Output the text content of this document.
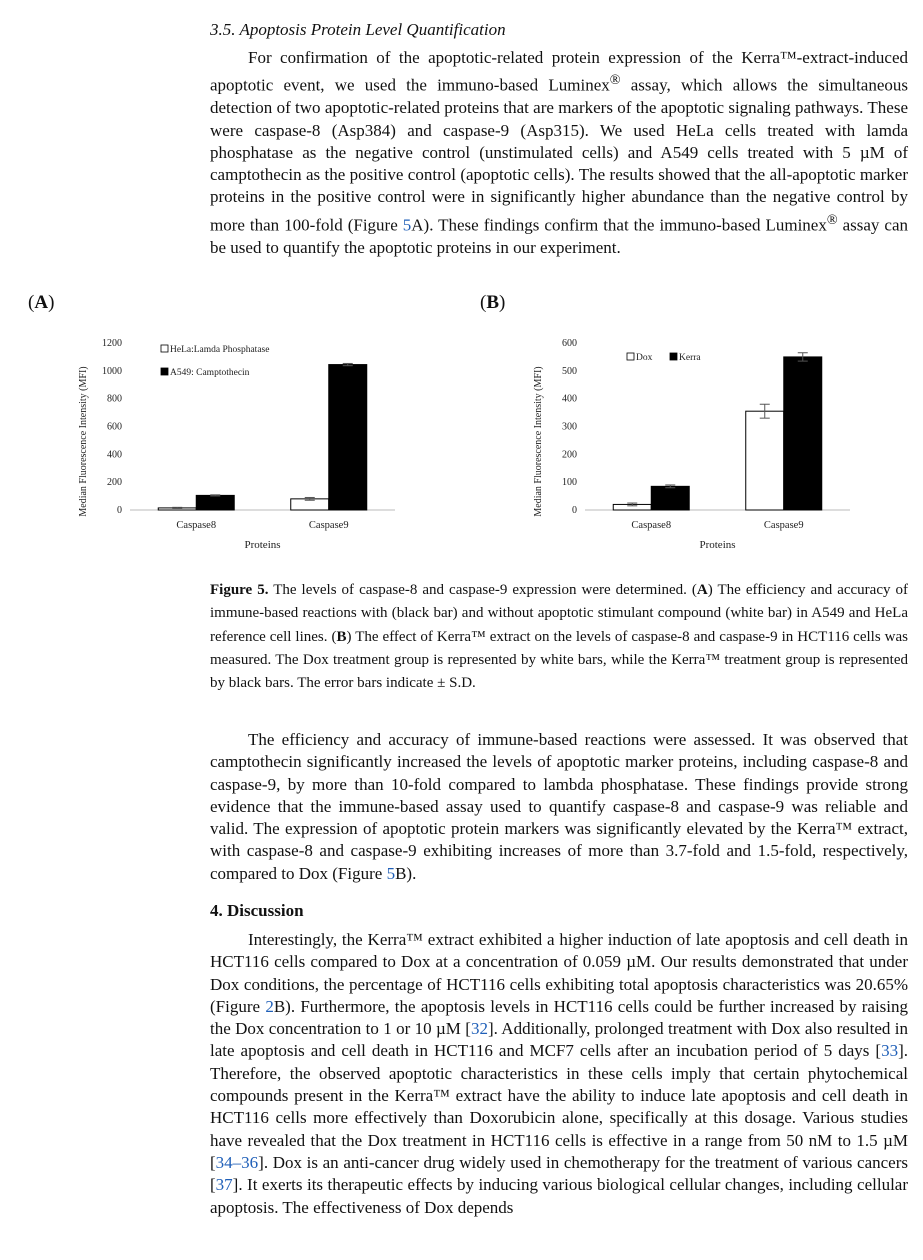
3.5. Apoptosis Protein Level Quantification

For confirmation of the apoptotic-related protein expression of the Kerra™-extract-induced apoptotic event, we used the immuno-based Luminex® assay, which allows the simultaneous detection of two apoptotic-related proteins that are markers of the apoptotic signaling pathways. These were caspase-8 (Asp384) and caspase-9 (Asp315). We used HeLa cells treated with lamda phosphatase as the negative control (unstimulated cells) and A549 cells treated with 5 µM of camptothecin as the positive control (apoptotic cells). The results showed that the all-apoptotic marker proteins in the positive control were in significantly higher abundance than the negative control by more than 100-fold (Figure 5A). These findings confirm that the immuno-based Luminex® assay can be used to quantify the apoptotic proteins in our experiment.

(A)	(B)
0
200
400
600
800
1000
1200
Median Fluorescence Intensity (MFI)
Proteins
Caspase8	Caspase9
HeLa:Lamda Phosphatase
A549: Camptothecin
0
100
200
300
400
500
600
Median Fluorescence Intensity (MFI)
Proteins
Caspase8	Caspase9
Dox	Kerra

Figure 5. The levels of caspase-8 and caspase-9 expression were determined. (A) The efficiency and accuracy of immune-based reactions with (black bar) and without apoptotic stimulant compound (white bar) in A549 and HeLa reference cell lines. (B) The effect of Kerra™ extract on the levels of caspase-8 and caspase-9 in HCT116 cells was measured. The Dox treatment group is represented by white bars, while the Kerra™ treatment group is represented by black bars. The error bars indicate ± S.D.

The efficiency and accuracy of immune-based reactions were assessed. It was observed that camptothecin significantly increased the levels of apoptotic marker proteins, including caspase-8 and caspase-9, by more than 10-fold compared to lambda phosphatase. These findings provide strong evidence that the immune-based assay used to quantify caspase-8 and caspase-9 was reliable and valid. The expression of apoptotic protein markers was significantly elevated by the Kerra™ extract, with caspase-8 and caspase-9 exhibiting increases of more than 3.7-fold and 1.5-fold, respectively, compared to Dox (Figure 5B).

4. Discussion

Interestingly, the Kerra™ extract exhibited a higher induction of late apoptosis and cell death in HCT116 cells compared to Dox at a concentration of 0.059 µM. Our results demonstrated that under Dox conditions, the percentage of HCT116 cells exhibiting total apoptosis characteristics was 20.65% (Figure 2B). Furthermore, the apoptosis levels in HCT116 cells could be further increased by raising the Dox concentration to 1 or 10 µM [32]. Additionally, prolonged treatment with Dox also resulted in late apoptosis and cell death in HCT116 and MCF7 cells after an incubation period of 5 days [33]. Therefore, the observed apoptotic characteristics in these cells imply that certain phytochemical compounds present in the Kerra™ extract have the ability to induce late apoptosis and cell death in HCT116 cells more effectively than Doxorubicin alone, specifically at this dosage. Various studies have revealed that the Dox treatment in HCT116 cells is effective in a range from 50 nM to 1.5 µM [34–36]. Dox is an anti-cancer drug widely used in chemotherapy for the treatment of various cancers [37]. It exerts its therapeutic effects by inducing various biological cellular changes, including cellular apoptosis. The effectiveness of Dox depends
